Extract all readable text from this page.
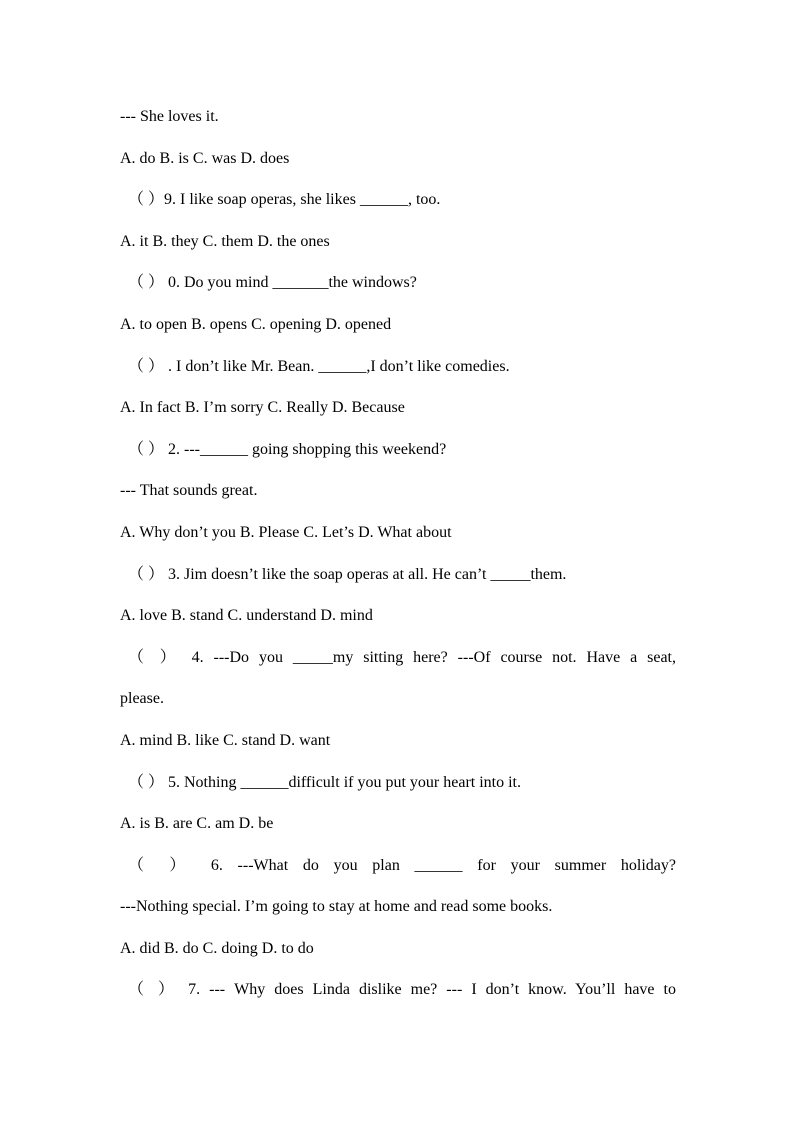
--- She loves it.
A. do B. is C. was D. does
（ ）9. I like soap operas, she likes ______, too.
A. it B. they C. them D. the ones
（ ） 0. Do you mind _______the windows?
A. to open B. opens C. opening D. opened
（ ） . I don’t like Mr. Bean. ______,I don’t like comedies.
A. In fact B. I’m sorry C. Really D. Because
（ ） 2. ---______ going shopping this weekend?
--- That sounds great.
A. Why don’t you B. Please C. Let’s D. What about
（ ） 3. Jim doesn’t like the soap operas at all. He can’t _____them.
A. love B. stand C. understand D. mind
（ ） 4. ---Do you _____my sitting here? ---Of course not. Have a seat,
please.
A. mind B. like C. stand D. want
（ ） 5. Nothing ______difficult if you put your heart into it.
A. is B. are C. am D. be
（ ） 6. ---What do you plan ______ for your summer holiday?
---Nothing special. I’m going to stay at home and read some books.
A. did B. do C. doing D. to do
（ ） 7. --- Why does Linda dislike me? --- I don’t know. You’ll have to
